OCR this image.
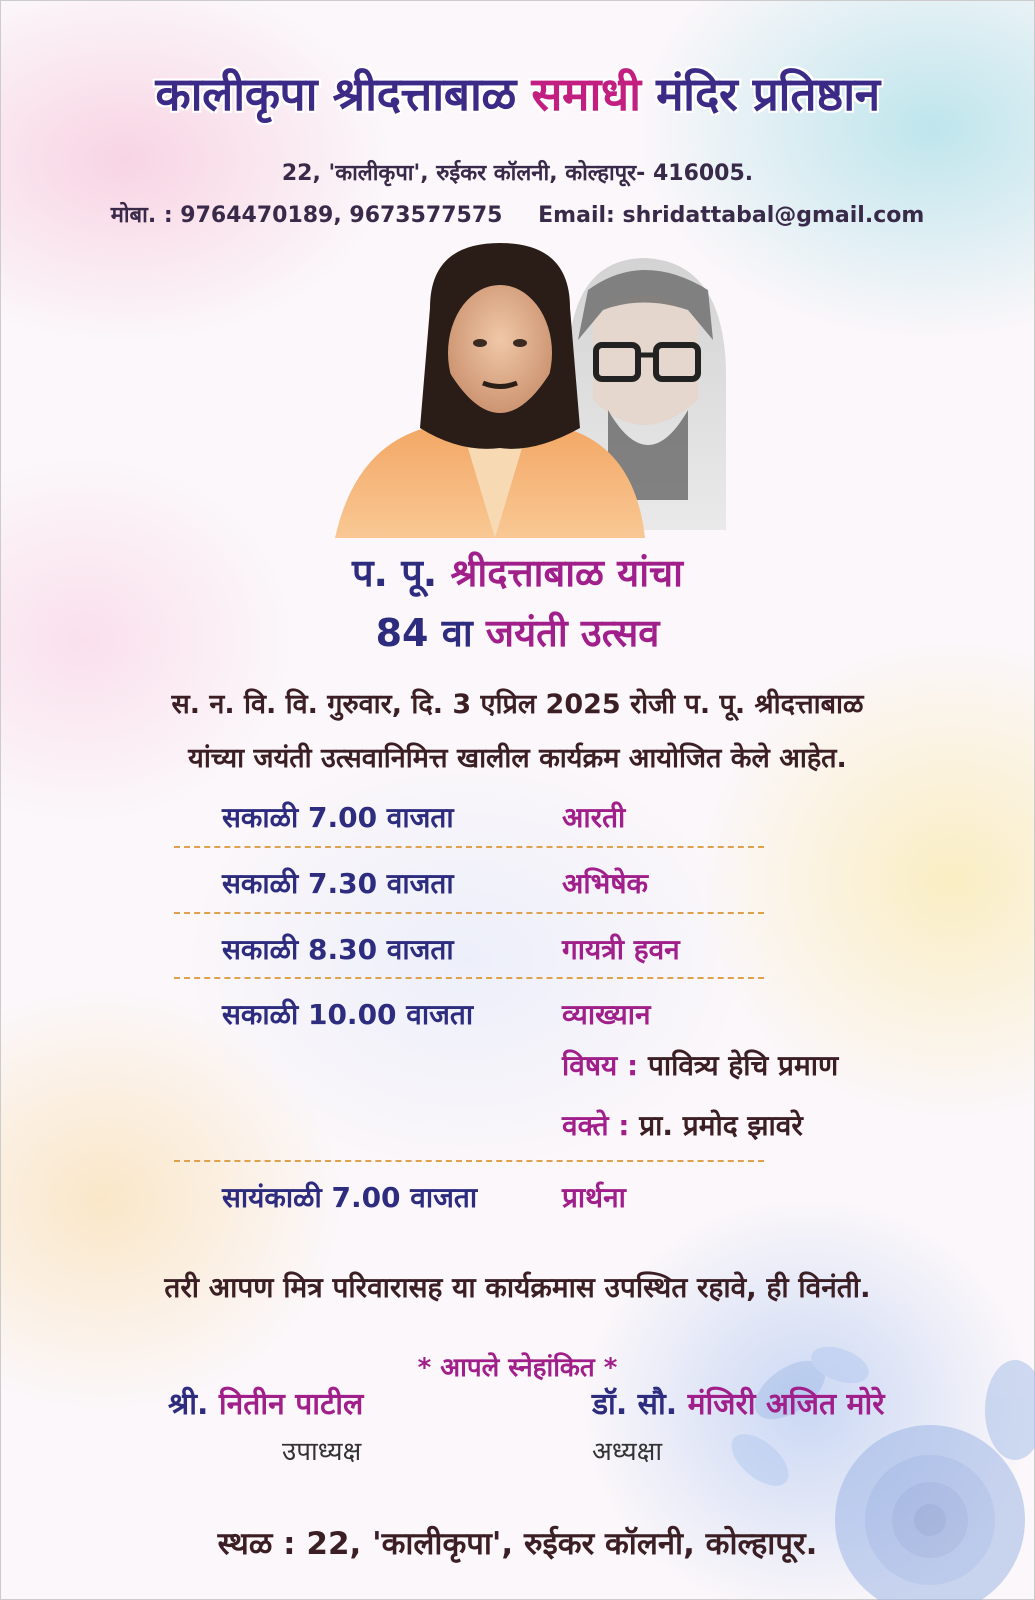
कालीकृपा श्रीदत्ताबाळ समाधी मंदिर प्रतिष्ठान
22, 'कालीकृपा', रुईकर कॉलनी, कोल्हापूर- 416005.
मोबा. : 9764470189, 9673577575 Email: shridattabal@gmail.com
प. पू. श्रीदत्ताबाळ यांचा
84 वा जयंती उत्सव
स. न. वि. वि. गुरुवार, दि. 3 एप्रिल 2025 रोजी प. पू. श्रीदत्ताबाळ
यांच्या जयंती उत्सवानिमित्त खालील कार्यक्रम आयोजित केले आहेत.
सकाळी 7.00 वाजता	आरती
सकाळी 7.30 वाजता	अभिषेक
सकाळी 8.30 वाजता	गायत्री हवन
सकाळी 10.00 वाजता	व्याख्यान
विषय : पावित्र्य हेचि प्रमाण
वक्ते : प्रा. प्रमोद झावरे
सायंकाळी 7.00 वाजता	प्रार्थना
तरी आपण मित्र परिवारासह या कार्यक्रमास उपस्थित रहावे, ही विनंती.
* आपले स्नेहांकित *
श्री. नितीन पाटील
उपाध्यक्ष
डॉ. सौ. मंजिरी अजित मोरे
अध्यक्षा
स्थळ : 22, 'कालीकृपा', रुईकर कॉलनी, कोल्हापूर.
